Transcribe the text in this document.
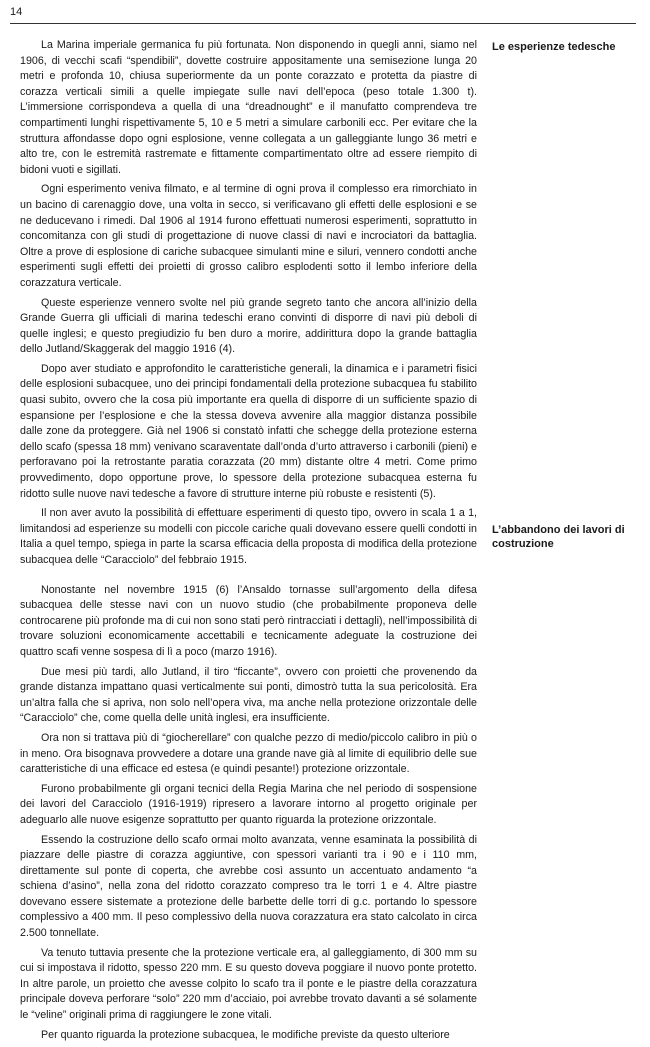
14
Le esperienze tedesche
L’abbandono dei lavori di costruzione

La Marina imperiale germanica fu più fortunata. Non disponendo in quegli anni, siamo nel 1906, di vecchi scafi “spendibili”, dovette costruire appositamente una semisezione lunga 20 metri e profonda 10, chiusa superiormente da un ponte corazzato e protetta da piastre di corazza verticali simili a quelle impiegate sulle navi dell’epoca (peso totale 1.300 t). L’immersione corrispondeva a quella di una “dreadnought” e il manufatto comprendeva tre compartimenti lunghi rispettivamente 5, 10 e 5 metri a simulare carbonili ecc. Per evitare che la struttura affondasse dopo ogni esplosione, venne collegata a un galleggiante lungo 36 metri e alto tre, con le estremità rastremate e fittamente compartimentato oltre ad essere riempito di bidoni vuoti e sigillati.

Ogni esperimento veniva filmato, e al termine di ogni prova il complesso era rimorchiato in un bacino di carenaggio dove, una volta in secco, si verificavano gli effetti delle esplosioni e se ne deducevano i rimedi. Dal 1906 al 1914 furono effettuati numerosi esperimenti, soprattutto in concomitanza con gli studi di progettazione di nuove classi di navi e incrociatori da battaglia. Oltre a prove di esplosione di cariche subacquee simulanti mine e siluri, vennero condotti anche esperimenti sugli effetti dei proietti di grosso calibro esplodenti sotto il lembo inferiore della corazzatura verticale.

Queste esperienze vennero svolte nel più grande segreto tanto che ancora all’inizio della Grande Guerra gli ufficiali di marina tedeschi erano convinti di disporre di navi più deboli di quelle inglesi; e questo pregiudizio fu ben duro a morire, addirittura dopo la grande battaglia dello Jutland/Skaggerak del maggio 1916 (4).

Dopo aver studiato e approfondito le caratteristiche generali, la dinamica e i parametri fisici delle esplosioni subacquee, uno dei principi fondamentali della protezione subacquea fu stabilito quasi subito, ovvero che la cosa più importante era quella di disporre di un sufficiente spazio di espansione per l’esplosione e che la stessa doveva avvenire alla maggior distanza possibile dalle zone da proteggere. Già nel 1906 si constatò infatti che schegge della protezione esterna dello scafo (spessa 18 mm) venivano scaraventate dall’onda d’urto attraverso i carbonili (pieni) e perforavano poi la retrostante paratia corazzata (20 mm) distante oltre 4 metri. Come primo provvedimento, dopo opportune prove, lo spessore della protezione subacquea esterna fu ridotto sulle nuove navi tedesche a favore di strutture interne più robuste e resistenti (5).

Il non aver avuto la possibilità di effettuare esperimenti di questo tipo, ovvero in scala 1 a 1, limitandosi ad esperienze su modelli con piccole cariche quali dovevano essere quelli condotti in Italia a quel tempo, spiega in parte la scarsa efficacia della proposta di modifica della protezione subacquea delle “Caracciolo” del febbraio 1915.

Nonostante nel novembre 1915 (6) l’Ansaldo tornasse sull’argomento della difesa subacquea delle stesse navi con un nuovo studio (che probabilmente proponeva delle controcarene più profonde ma di cui non sono stati però rintracciati i dettagli), nell’impossibilità di trovare soluzioni economicamente accettabili e tecnicamente adeguate la costruzione dei quattro scafi venne sospesa di lì a poco (marzo 1916).

Due mesi più tardi, allo Jutland, il tiro “ficcante”, ovvero con proietti che provenendo da grande distanza impattano quasi verticalmente sui ponti, dimostrò tutta la sua pericolosità. Era un’altra falla che si apriva, non solo nell’opera viva, ma anche nella protezione orizzontale delle “Caracciolo” che, come quella delle unità inglesi, era insufficiente.

Ora non si trattava più di “giocherellare” con qualche pezzo di medio/piccolo calibro in più o in meno. Ora bisognava provvedere a dotare una grande nave già al limite di equilibrio delle sue caratteristiche di una efficace ed estesa (e quindi pesante!) protezione orizzontale.

Furono probabilmente gli organi tecnici della Regia Marina che nel periodo di sospensione dei lavori del Caracciolo (1916-1919) ripresero a lavorare intorno al progetto originale per adeguarlo alle nuove esigenze soprattutto per quanto riguarda la protezione orizzontale.

Essendo la costruzione dello scafo ormai molto avanzata, venne esaminata la possibilità di piazzare delle piastre di corazza aggiuntive, con spessori varianti tra i 90 e i 110 mm, direttamente sul ponte di coperta, che avrebbe così assunto un accentuato andamento “a schiena d’asino”, nella zona del ridotto corazzato compreso tra le torri 1 e 4. Altre piastre dovevano essere sistemate a protezione delle barbette delle torri di g.c. portando lo spessore complessivo a 400 mm. Il peso complessivo della nuova corazzatura era stato calcolato in circa 2.500 tonnellate.

Va tenuto tuttavia presente che la protezione verticale era, al galleggiamento, di 300 mm su cui si impostava il ridotto, spesso 220 mm. E su questo doveva poggiare il nuovo ponte protetto. In altre parole, un proietto che avesse colpito lo scafo tra il ponte e le piastre della corazzatura principale doveva perforare “solo” 220 mm d’acciaio, poi avrebbe trovato davanti a sé solamente le “veline” originali prima di raggiungere le zone vitali.

Per quanto riguarda la protezione subacquea, le modifiche previste da questo ulteriore
